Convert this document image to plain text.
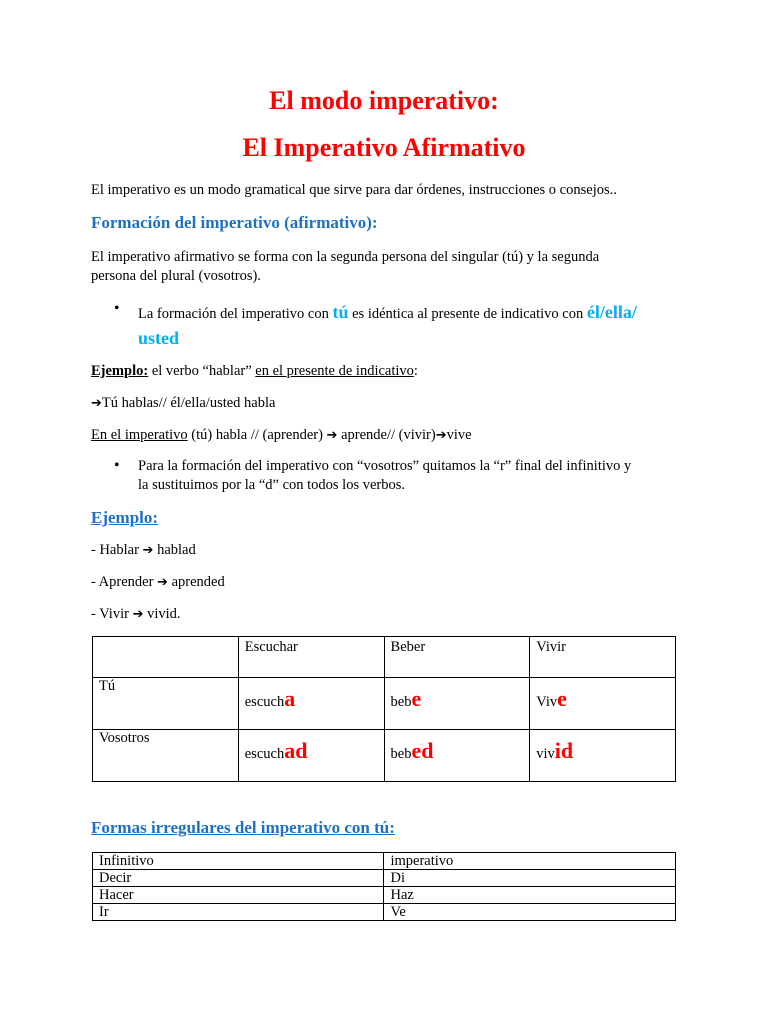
El modo imperativo:
El Imperativo Afirmativo

El imperativo es un modo gramatical que sirve para dar órdenes, instrucciones o consejos..

Formación del imperativo (afirmativo):

El imperativo afirmativo se forma con la segunda persona del singular (tú) y la segunda

persona del plural (vosotros).

• La formación del imperativo con tú es idéntica al presente de indicativo con él/ella/
usted

Ejemplo: el verbo “hablar” en el presente de indicativo:

➔Tú hablas// él/ella/usted habla

En el imperativo (tú) habla // (aprender) ➔ aprende// (vivir)➔vive

• Para la formación del imperativo con “vosotros” quitamos la “r” final del infinitivo y

la sustituimos por la “d” con todos los verbos.

Ejemplo:

- Hablar ➔ hablad

- Aprender ➔ aprended

- Vivir ➔ vivid.

	Escuchar	Beber	Vivir
Tú	escucha	bebe	Vive
Vosotros	escuchad	bebed	vivid

Formas irregulares del imperativo con tú:

Infinitivo	imperativo
Decir	Di
Hacer	Haz
Ir	Ve
